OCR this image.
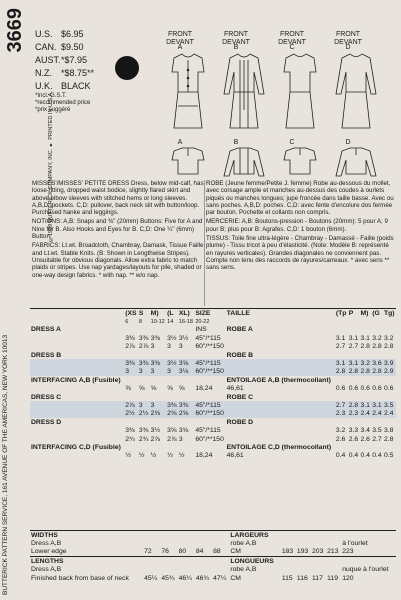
3669
BUTTERICK PATTERN SERVICE, 161 AVENUE OF THE AMERICAS, NEW YORK 10013
©1989 BUTTERICK COMPANY, INC. ♦ PRINTED IN U.S.A.
U.S. $6.95
CAN. $9.50
AUST. *$7.95
N.Z.	*$8.75**
U.K. BLACK
*Incl. G.S.T.
*recommended price
*prix suggéré
FRONT
DEVANT
FRONT
DEVANT
FRONT
DEVANT
FRONT
DEVANT
A	B	C	D
A	B	C	D
MISSES'/MISSES' PETITE DRESS Dress, below mid-calf, has loose-fitting, dropped waist bodice, slightly flared skirt and above elbow sleeves with stitched hems or long sleeves. A,B,D: pockets. C,D: pullover, back neck slit with button/loop. Purchased hanke and leggings.
NOTIONS: A,B: Snaps and ⅜" (20mm) Buttons: Five for A and Nine for B. Also Hooks and Eyes for B. C,D: One ¼" (6mm) Button.
FABRICS: Lt.wt. Broadcloth, Chambray, Damask, Tissue Faille and Lt.wt. Stable Knits. (B: Shown in Lengthwise Stripes). Unsuitable for obvious diagonals. Allow extra fabric to match plaids or stripes. Use nap yardages/layouts for pile, shaded or one-way design fabrics. * with nap. ** w/o nap.
ROBE (Jeune femme/Petite J. femme) Robe au-dessous du mollet, avec corsage ample et manches au-dessus des coudes à ourlets piqués ou manches longues; jupe froncée dans taille basse. Avec ou sans poches. A,B,D: poches. C,D: avec fente d'encolure dos fermée par bouton. Pochette et collants non compris.
MERCERIE: A,B: Boutons-pression - Boutons (20mm): 5 pour A; 9 pour B; plus pour B: Agrafes. C,D: 1 bouton (6mm).
TISSUS: Toile fine ultra-légère - Chambray - Damassé - Faille (poids plume) - Tissu tricot à peu d'élasticité. (Note: Modèle B: représenté en rayures verticales). Grandes diagonales ne conviennent pas. Compte non tenu des raccords de rayures/carreaux. * avec sens ** sans sens.
	(XS	S	M)	(L	XL)	SIZE	TAILLE	(Tp	P	M)	(G	Tg)
	6	8	10-12	14	16-18	20-22						
DRESS A						INS	ROBE A					
	3⅜	3⅜	3⅜	3½	3½	45"/*115		3.1	3.1	3.1	3.2	3.2
	2⅞	2⅞	3	3	3	60"/**150		2.7	2.7	2.8	2.8	2.8
DRESS B							ROBE B					
	3⅜	3⅜	3⅜	3½	3⅝	45"/*115		3.1	3.1	3.2	3.6	3.9
	3	3	3	3	3⅛	60"/**150		2.8	2.8	2.8	2.8	2.9
INTERFACING A,B (Fusible)							ENTOILAGE A,B (thermocollant)					
	⅝	⅝	⅝	⅝	⅝	18,24	46,61	0.6	0.6	0.6	0.6	0.6
DRESS C							ROBE C					
	2⅞	3	3	3⅜	3⅜	45"/*115		2.7	2.8	3.1	3.1	3.5
	2½	2½	2⅝	2⅝	2⅝	60"/**150		2.3	2.3	2.4	2.4	2.4
DRESS D							ROBE D					
	3⅜	3⅜	3½	3⅝	3⅝	45"/*115		3.2	3.3	3.4	3.5	3.8
	2¾	2¾	2⅞	2⅞	3	60"/**150		2.6	2.6	2.6	2.7	2.8
INTERFACING C,D (Fusible)							ENTOILAGE C,D (thermocollant)					
	½	½	½	½	½	18,24	46,61	0.4	0.4	0.4	0.4	0.5
WIDTHS						LARGEURS					
Dress A,B						robe A,B					à l'ourlet
Lower edge	72	76	80	84	88	CM	183	193	203	213	223
LENGTHS						LONGUEURS					
Dress A,B						robe A,B					nuque à l'ourlet
Finished back from base of neck	45¼	45¾	46¼	46¾	47¼	CM	115	116	117	119	120
